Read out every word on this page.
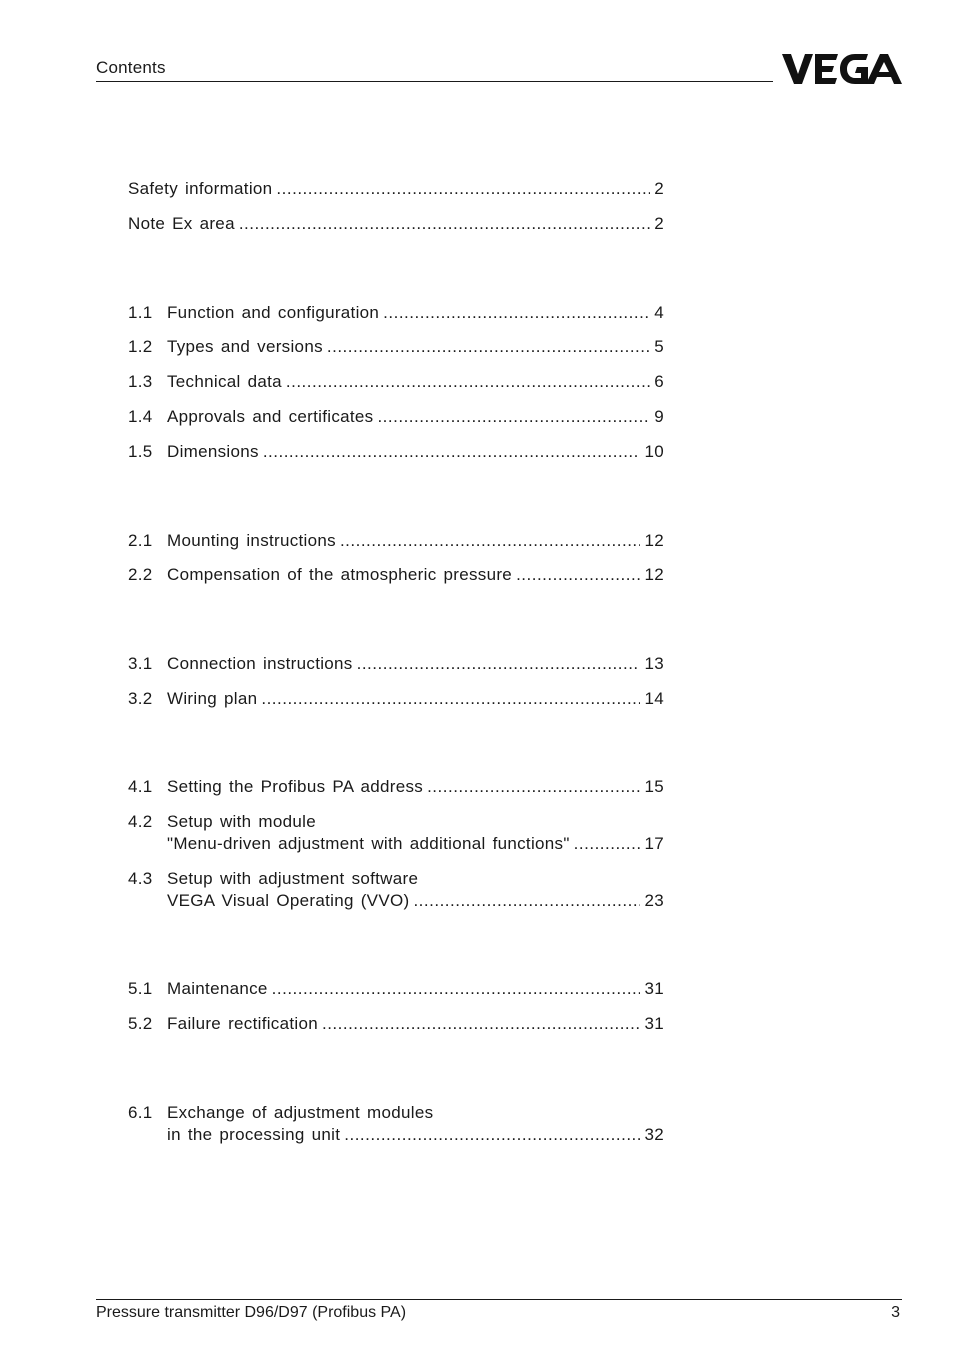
Contents
Safety information .....	2
Note Ex area .....	2
1.1 Function and configuration .....	4
1.2 Types and versions .....	5
1.3 Technical data .....	6
1.4 Approvals and certificates .....	9
1.5 Dimensions .....	10
2.1 Mounting instructions .....	12
2.2 Compensation of the atmospheric pressure .....	12
3.1 Connection instructions .....	13
3.2 Wiring plan .....	14
4.1 Setting the Profibus PA address .....	15
4.2 Setup with module
"Menu-driven adjustment with additional functions" .....	17
4.3 Setup with adjustment software
VEGA Visual Operating (VVO) .....	23
5.1 Maintenance .....	31
5.2 Failure rectification .....	31
6.1 Exchange of adjustment modules
in the processing unit .....	32
Pressure transmitter D96/D97 (Profibus PA)	3
